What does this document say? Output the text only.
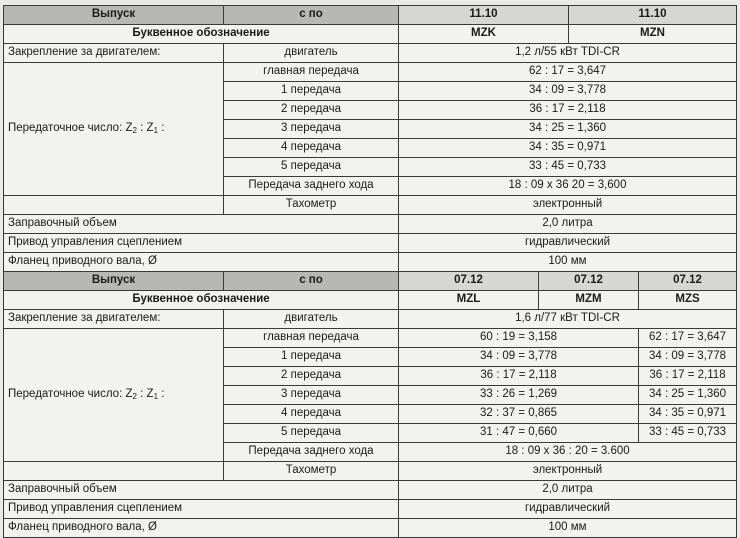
Выпуск	с по	11.10	11.10
Буквенное обозначение		MZK	MZN
Закрепление за двигателем:	двигатель	1,2 л/55 кВт TDI-CR	
Передаточное число: $Z_2$ : $Z_1$ :	главная передача	62 : 17 = 3,647	
	1 передача	34 : 09 = 3,778	
	2 передача	36 : 17 = 2,118	
	3 передача	34 : 25 = 1,360	
	4 передача	34 : 35 = 0,971	
	5 передача	33 : 45 = 0,733	
	Передача заднего хода	18 : 09 x 36 20 = 3,600	
	Тахометр	электронный	
Заправочный объем		2,0 литра	
Привод управления сцеплением		гидравлический	
Фланец приводного вала, Ø		100 мм	
Выпуск	с по	07.12	07.12	07.12
Буквенное обозначение		MZL	MZM	MZS
Закрепление за двигателем:	двигатель	1,6 л/77 кВт TDI-CR		
Передаточное число: $Z_2$ : $Z_1$ :	главная передача	60 : 19 = 3,158		62 : 17 = 3,647
	1 передача	34 : 09 = 3,778		34 : 09 = 3,778
	2 передача	36 : 17 = 2,118		36 : 17 = 2,118
	3 передача	33 : 26 = 1,269		34 : 25 = 1,360
	4 передача	32 : 37 = 0,865		34 : 35 = 0,971
	5 передача	31 : 47 = 0,660		33 : 45 = 0,733
	Передача заднего хода	18 : 09 x 36 : 20 = 3.600		
	Тахометр	электронный		
Заправочный объем		2,0 литра		
Привод управления сцеплением		гидравлический		
Фланец приводного вала, Ø		100 мм		
